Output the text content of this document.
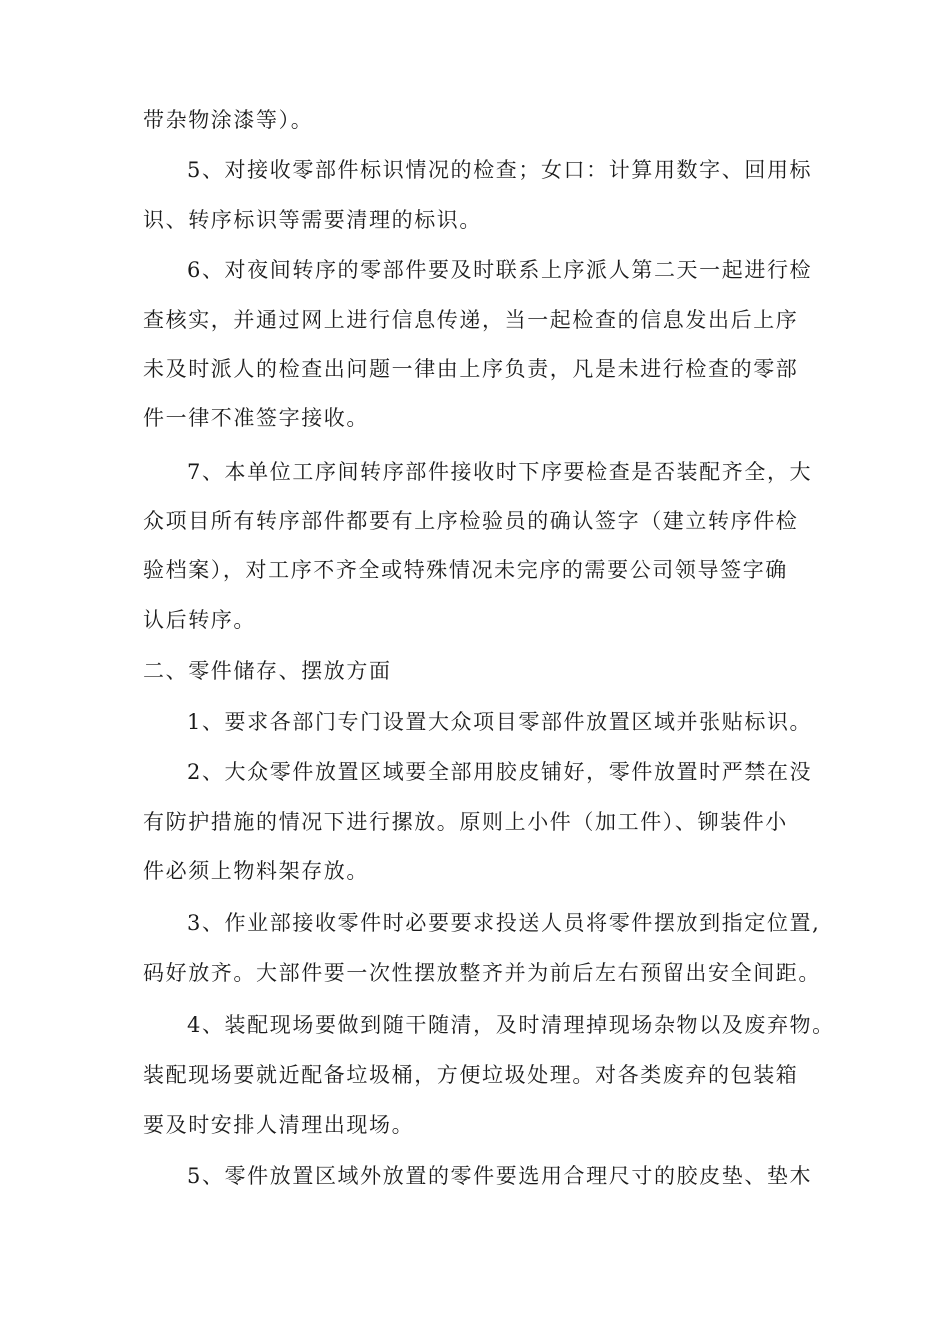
带杂物涂漆等）。
5、对接收零部件标识情况的检查；女口：计算用数字、回用标
识、转序标识等需要清理的标识。
6、对夜间转序的零部件要及时联系上序派人第二天一起进行检
查核实，并通过网上进行信息传递，当一起检查的信息发出后上序
未及时派人的检查出问题一律由上序负责，凡是未进行检查的零部
件一律不准签字接收。
7、本单位工序间转序部件接收时下序要检查是否装配齐全，大
众项目所有转序部件都要有上序检验员的确认签字（建立转序件检
验档案），对工序不齐全或特殊情况未完序的需要公司领导签字确
认后转序。
二、零件储存、摆放方面
1、要求各部门专门设置大众项目零部件放置区域并张贴标识。
2、大众零件放置区域要全部用胶皮铺好，零件放置时严禁在没
有防护措施的情况下进行摞放。原则上小件（加工件）、铆装件小
件必须上物料架存放。
3、作业部接收零件时必要要求投送人员将零件摆放到指定位置,
码好放齐。大部件要一次性摆放整齐并为前后左右预留出安全间距。
4、装配现场要做到随干随清，及时清理掉现场杂物以及废弃物。
装配现场要就近配备垃圾桶，方便垃圾处理。对各类废弃的包装箱
要及时安排人清理出现场。
5、零件放置区域外放置的零件要选用合理尺寸的胶皮垫、垫木
